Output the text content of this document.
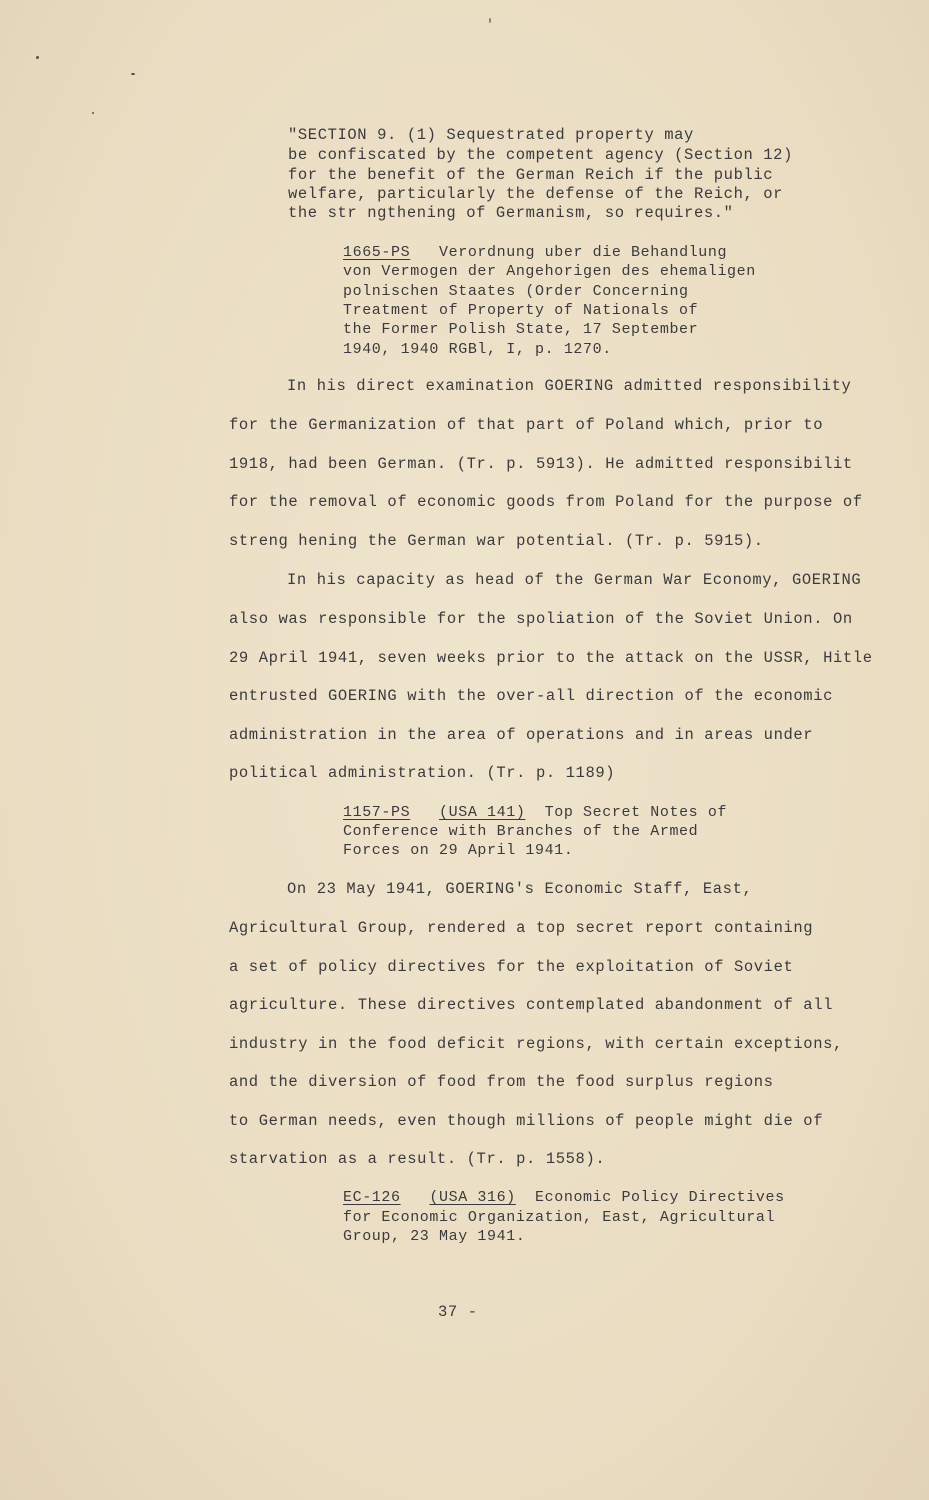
"SECTION 9. (1) Sequestrated property may
be confiscated by the competent agency (Section 12)
for the benefit of the German Reich if the public
welfare, particularly the defense of the Reich, or
the str ngthening of Germanism, so requires."
1665-PS Verordnung uber die Behandlung
von Vermogen der Angehorigen des ehemaligen
polnischen Staates (Order Concerning
Treatment of Property of Nationals of
the Former Polish State, 17 September
1940, 1940 RGBl, I, p. 1270.
In his direct examination GOERING admitted responsibility
for the Germanization of that part of Poland which, prior to
1918, had been German. (Tr. p. 5913). He admitted responsibilit
for the removal of economic goods from Poland for the purpose of
streng hening the German war potential. (Tr. p. 5915).
In his capacity as head of the German War Economy, GOERING
also was responsible for the spoliation of the Soviet Union. On
29 April 1941, seven weeks prior to the attack on the USSR, Hitle
entrusted GOERING with the over-all direction of the economic
administration in the area of operations and in areas under
political administration. (Tr. p. 1189)
1157-PS (USA 141) Top Secret Notes of
Conference with Branches of the Armed
Forces on 29 April 1941.
On 23 May 1941, GOERING's Economic Staff, East,
Agricultural Group, rendered a top secret report containing
a set of policy directives for the exploitation of Soviet
agriculture. These directives contemplated abandonment of all
industry in the food deficit regions, with certain exceptions,
and the diversion of food from the food surplus regions
to German needs, even though millions of people might die of
starvation as a result. (Tr. p. 1558).
EC-126 (USA 316) Economic Policy Directives
for Economic Organization, East, Agricultural
Group, 23 May 1941.
37 -
